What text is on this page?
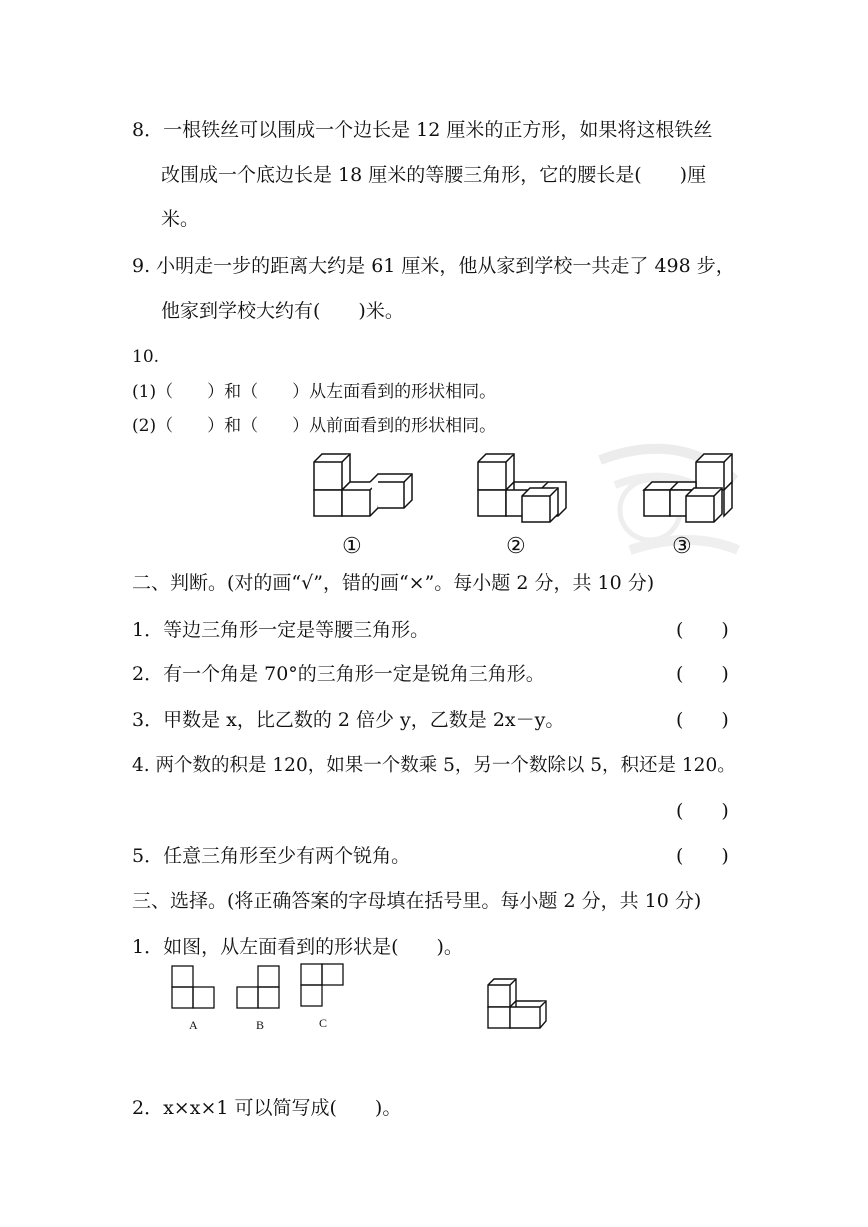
8．一根铁丝可以围成一个边长是 12 厘米的正方形，如果将这根铁丝
改围成一个底边长是 18 厘米的等腰三角形，它的腰长是(　　)厘
米。
9. 小明走一步的距离大约是 61 厘米，他从家到学校一共走了 498 步，
他家到学校大约有(　　)米。
10.
(1)（　　）和（　　）从左面看到的形状相同。
(2)（　　）和（　　）从前面看到的形状相同。
①	②	③
二、判断。(对的画“√”，错的画“×”。每小题 2 分，共 10 分)
1．等边三角形一定是等腰三角形。	(　　)
2．有一个角是 70°的三角形一定是锐角三角形。	(　　)
3．甲数是 x，比乙数的 2 倍少 y，乙数是 2x－y。	(　　)
4. 两个数的积是 120，如果一个数乘 5，另一个数除以 5，积还是 120。
(　　)
5．任意三角形至少有两个锐角。	(　　)
三、选择。(将正确答案的字母填在括号里。每小题 2 分，共 10 分)
1．如图，从左面看到的形状是(　　)。
A	B	C
2．x×x×1 可以简写成(　　)。
